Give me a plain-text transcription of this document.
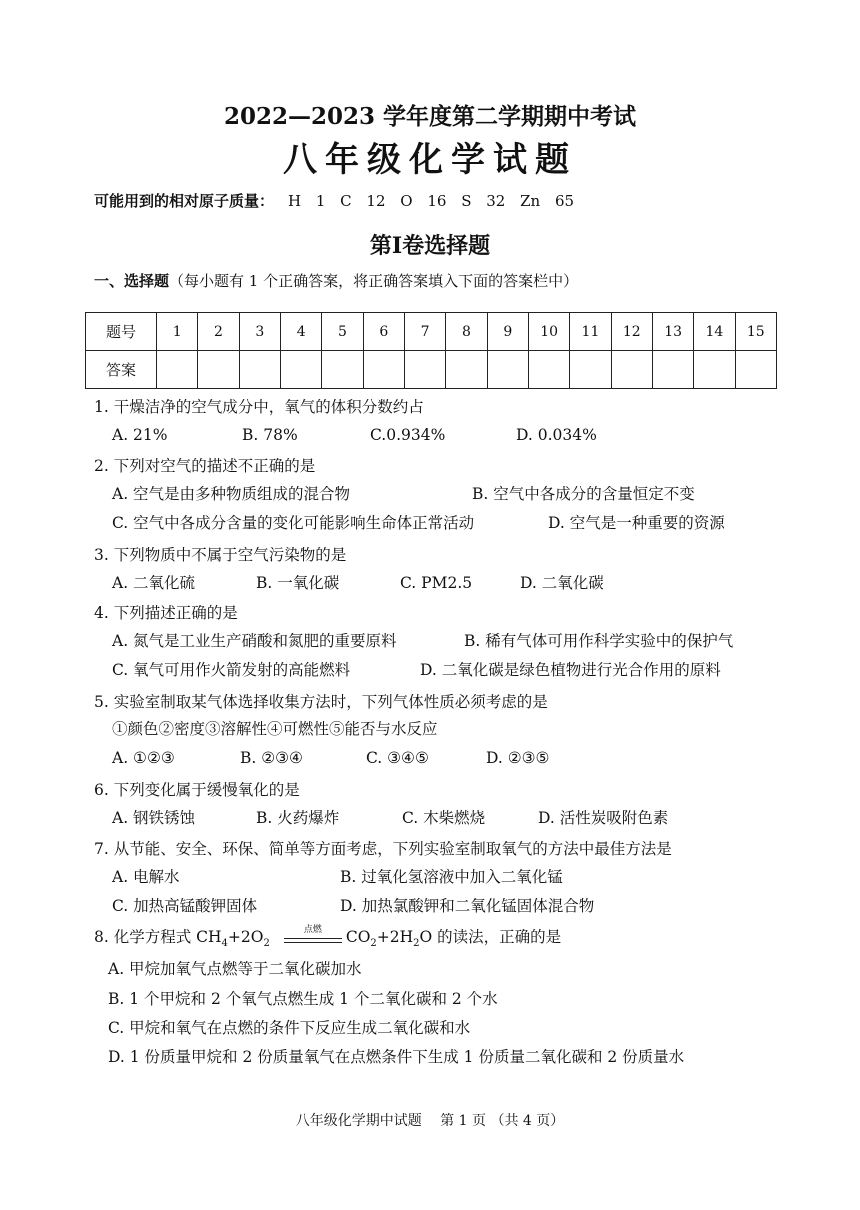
2022—2023 学年度第二学期期中考试
八年级化学试题
可能用到的相对原子质量： H 1 C 12 O 16 S 32 Zn 65
第Ⅰ卷选择题
一、选择题（每小题有 1 个正确答案，将正确答案填入下面的答案栏中）
题号	1	2	3	4	5	6	7	8	9	10	11	12	13	14	15
答案															
1. 干燥洁净的空气成分中，氧气的体积分数约占
A. 21%	B. 78%	C.0.934%	D. 0.034%
2. 下列对空气的描述不正确的是
A. 空气是由多种物质组成的混合物	B. 空气中各成分的含量恒定不变
C. 空气中各成分含量的变化可能影响生命体正常活动	D. 空气是一种重要的资源
3. 下列物质中不属于空气污染物的是
A. 二氧化硫	B. 一氧化碳	C. PM2.5	D. 二氧化碳
4. 下列描述正确的是
A. 氮气是工业生产硝酸和氮肥的重要原料	B. 稀有气体可用作科学实验中的保护气
C. 氧气可用作火箭发射的高能燃料	D. 二氧化碳是绿色植物进行光合作用的原料
5. 实验室制取某气体选择收集方法时，下列气体性质必须考虑的是
①颜色②密度③溶解性④可燃性⑤能否与水反应
A. ①②③	B. ②③④	C. ③④⑤	D. ②③⑤
6. 下列变化属于缓慢氧化的是
A. 钢铁锈蚀	B. 火药爆炸	C. 木柴燃烧	D. 活性炭吸附色素
7. 从节能、安全、环保、简单等方面考虑，下列实验室制取氧气的方法中最佳方法是
A. 电解水	B. 过氧化氢溶液中加入二氧化锰
C. 加热高锰酸钾固体	D. 加热氯酸钾和二氧化锰固体混合物
8. 化学方程式 $CH_4+2O_2$
点燃	$CO_2+2H_2O$ 的读法，正确的是
A. 甲烷加氧气点燃等于二氧化碳加水
B. 1 个甲烷和 2 个氧气点燃生成 1 个二氧化碳和 2 个水
C. 甲烷和氧气在点燃的条件下反应生成二氧化碳和水
D. 1 份质量甲烷和 2 份质量氧气在点燃条件下生成 1 份质量二氧化碳和 2 份质量水
八年级化学期中试题　 第 1 页 （共 4 页）
